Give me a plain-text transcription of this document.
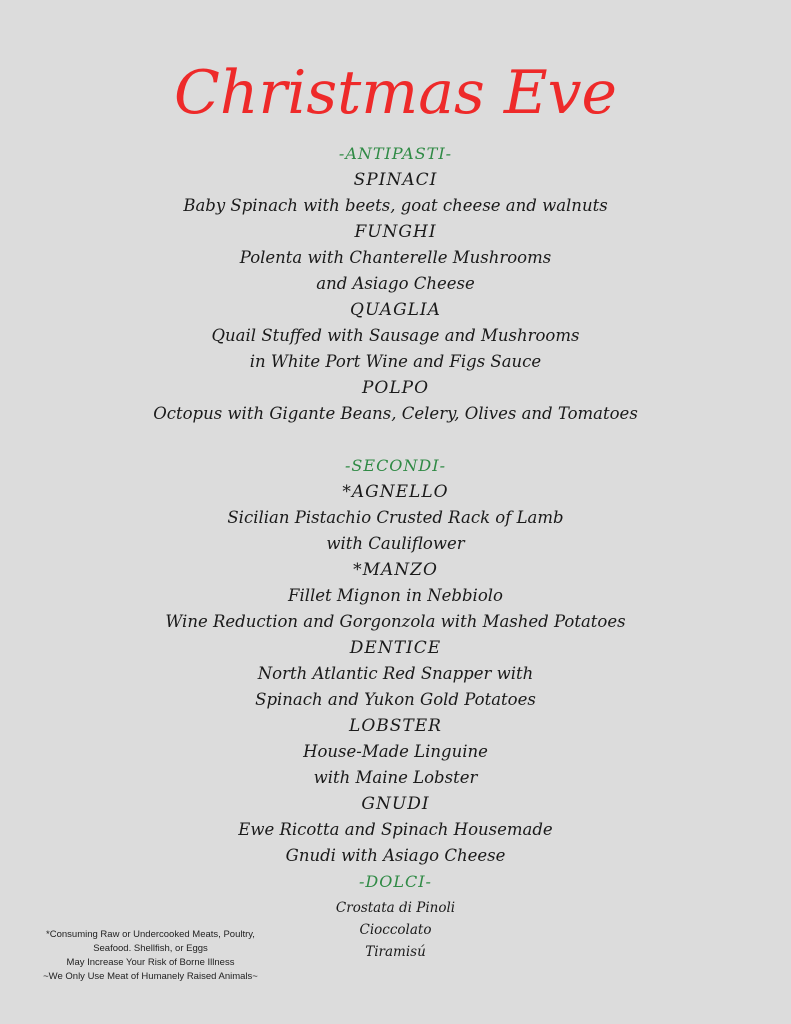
Christmas Eve
-ANTIPASTI-
SPINACI
Baby Spinach with beets, goat cheese and walnuts
FUNGHI
Polenta with Chanterelle Mushrooms
and Asiago Cheese
QUAGLIA
Quail Stuffed with Sausage and Mushrooms
in White Port Wine and Figs Sauce
POLPO
Octopus with Gigante Beans, Celery, Olives and Tomatoes
-SECONDI-
*AGNELLO
Sicilian Pistachio Crusted Rack of Lamb
with Cauliflower
*MANZO
Fillet Mignon in Nebbiolo
Wine Reduction and Gorgonzola with Mashed Potatoes
DENTICE
North Atlantic Red Snapper with
Spinach and Yukon Gold Potatoes
LOBSTER
House-Made Linguine
with Maine Lobster
GNUDI
Ewe Ricotta and Spinach Housemade
Gnudi with Asiago Cheese
-DOLCI-
Crostata di Pinoli
Cioccolato
Tiramisú
*Consuming Raw or Undercooked Meats, Poultry,
Seafood. Shellfish, or Eggs
May Increase Your Risk of Borne Illness
~We Only Use Meat of Humanely Raised Animals~
